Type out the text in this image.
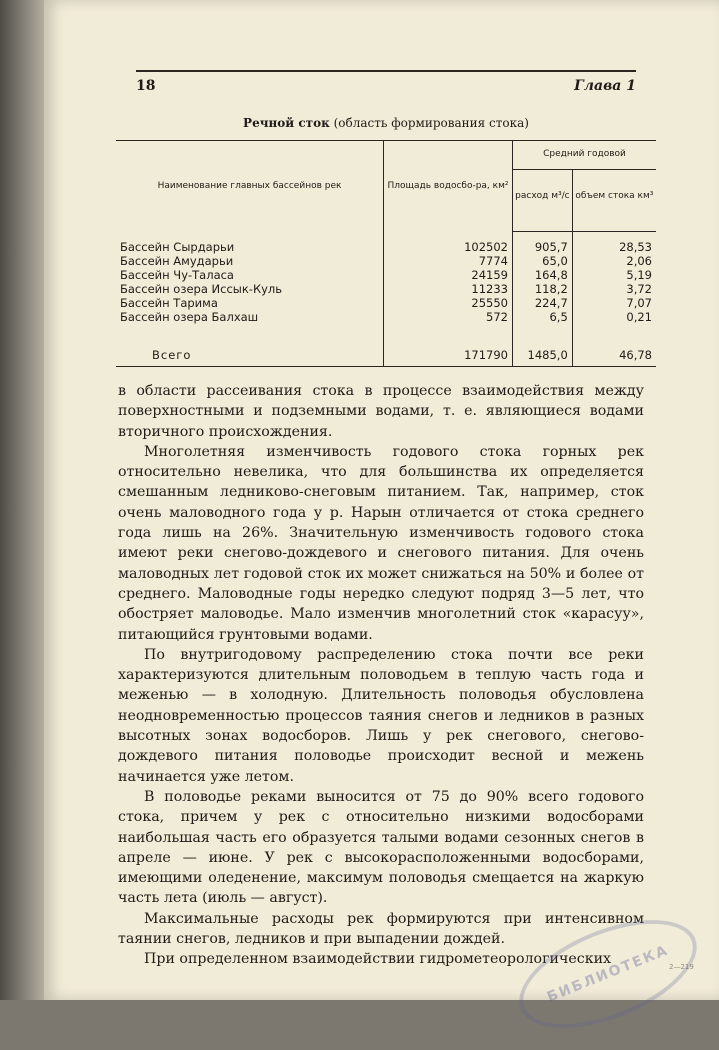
18	Глава 1
Речной сток (область формирования стока)
Наименование главных бассейнов рек	Площадь водосбо-ра, км²	Средний годовой	
		расход м³/с	объем стока км³

Бассейн Сырдарьи	102502	905,7	28,53
Бассейн Амударьи	7774	65,0	2,06
Бассейн Чу-Таласа	24159	164,8	5,19
Бассейн озера Иссык-Куль	11233	118,2	3,72
Бассейн Тарима	25550	224,7	7,07
Бассейн озера Балхаш	572	6,5	0,21

Всего	171790	1485,0	46,78

в области рассеивания стока в процессе взаимодействия между поверхностными и подземными водами, т. е. являющиеся водами вторичного происхождения.

Многолетняя изменчивость годового стока горных рек относительно невелика, что для большинства их определяется смешанным ледниково-снеговым питанием. Так, например, сток очень маловодного года у р. Нарын отличается от стока среднего года лишь на 26%. Значительную изменчивость годового стока имеют реки снегово-дождевого и снегового питания. Для очень маловодных лет годовой сток их может снижаться на 50% и более от среднего. Маловодные годы нередко следуют подряд 3—5 лет, что обостряет маловодье. Мало изменчив многолетний сток «карасуу», питающийся грунтовыми водами.

По внутригодовому распределению стока почти все реки характеризуются длительным половодьем в теплую часть года и меженью — в холодную. Длительность половодья обусловлена неодновременностью процессов таяния снегов и ледников в разных высотных зонах водосборов. Лишь у рек снегового, снегово-дождевого питания половодье происходит весной и межень начинается уже летом.

В половодье реками выносится от 75 до 90% всего годового стока, причем у рек с относительно низкими водосборами наибольшая часть его образуется талыми водами сезонных снегов в апреле — июне. У рек с высокорасположенными водосборами, имеющими оледенение, максимум половодья смещается на жаркую часть лета (июль — август).

Максимальные расходы рек формируются при интенсивном таянии снегов, ледников и при выпадении дождей.

При определенном взаимодействии гидрометеорологических

БИБЛИОТЕКА
2—219
